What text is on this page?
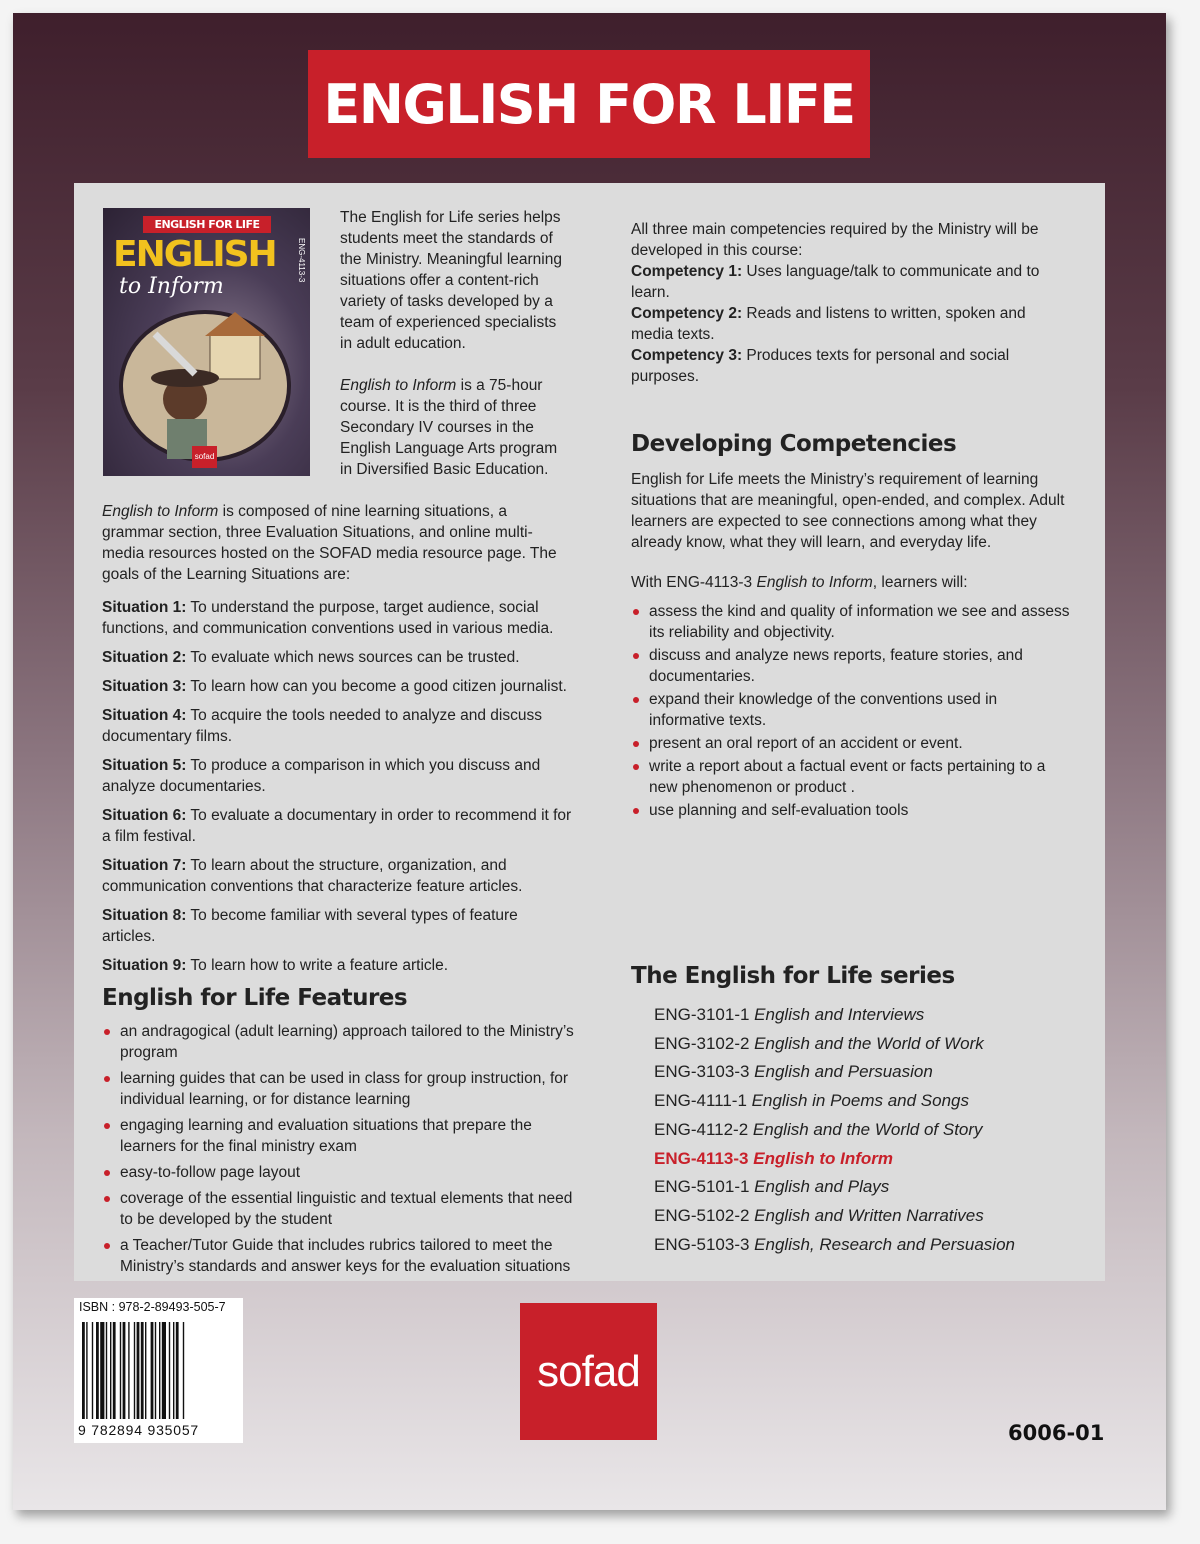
ENGLISH FOR LIFE
ENGLISH FOR LIFE
ENGLISH
to Inform
ENG-4113-3
sofad

The English for Life series helps students meet the standards of the Ministry. Meaningful learning situations offer a content-rich variety of tasks developed by a team of experienced specialists in adult education.

English to Inform is a 75-hour course. It is the third of three Secondary IV courses in the English Language Arts program in Diversified Basic Education.

English to Inform is composed of nine learning situations, a grammar section, three Evaluation Situations, and online multi-media resources hosted on the SOFAD media resource page. The goals of the Learning Situations are:

Situation 1: To understand the purpose, target audience, social functions, and communication conventions used in various media.

Situation 2: To evaluate which news sources can be trusted.

Situation 3: To learn how can you become a good citizen journalist.

Situation 4: To acquire the tools needed to analyze and discuss documentary films.

Situation 5: To produce a comparison in which you discuss and analyze documentaries.

Situation 6: To evaluate a documentary in order to recommend it for a film festival.

Situation 7: To learn about the structure, organization, and communication conventions that characterize feature articles.

Situation 8: To become familiar with several types of feature articles.

Situation 9: To learn how to write a feature article.

English for Life Features
an andragogical (adult learning) approach tailored to the Ministry’s program
learning guides that can be used in class for group instruction, for individual learning, or for distance learning
engaging learning and evaluation situations that prepare the learners for the final ministry exam
easy-to-follow page layout
coverage of the essential linguistic and textual elements that need to be developed by the student
a Teacher/Tutor Guide that includes rubrics tailored to meet the Ministry’s standards and answer keys for the evaluation situations

All three main competencies required by the Ministry will be developed in this course:

Competency 1: Uses language/talk to communicate and to learn.

Competency 2: Reads and listens to written, spoken and media texts.

Competency 3: Produces texts for personal and social purposes.

Developing Competencies

English for Life meets the Ministry’s requirement of learning situations that are meaningful, open-ended, and complex. Adult learners are expected to see connections among what they already know, what they will learn, and everyday life.

With ENG-4113-3 English to Inform, learners will:

assess the kind and quality of information we see and assess its reliability and objectivity.
discuss and analyze news reports, feature stories, and documentaries.
expand their knowledge of the conventions used in informative texts.
present an oral report of an accident or event.
write a report about a factual event or facts pertaining to a new phenomenon or product .
use planning and self-evaluation tools
The English for Life series
ENG-3101-1 English and Interviews
ENG-3102-2 English and the World of Work
ENG-3103-3 English and Persuasion
ENG-4111-1 English in Poems and Songs
ENG-4112-2 English and the World of Story
ENG-4113-3 English to Inform
ENG-5101-1 English and Plays
ENG-5102-2 English and Written Narratives
ENG-5103-3 English, Research and Persuasion
ISBN : 978-2-89493-505-7
9 782894 935057
sofad
6006-01
